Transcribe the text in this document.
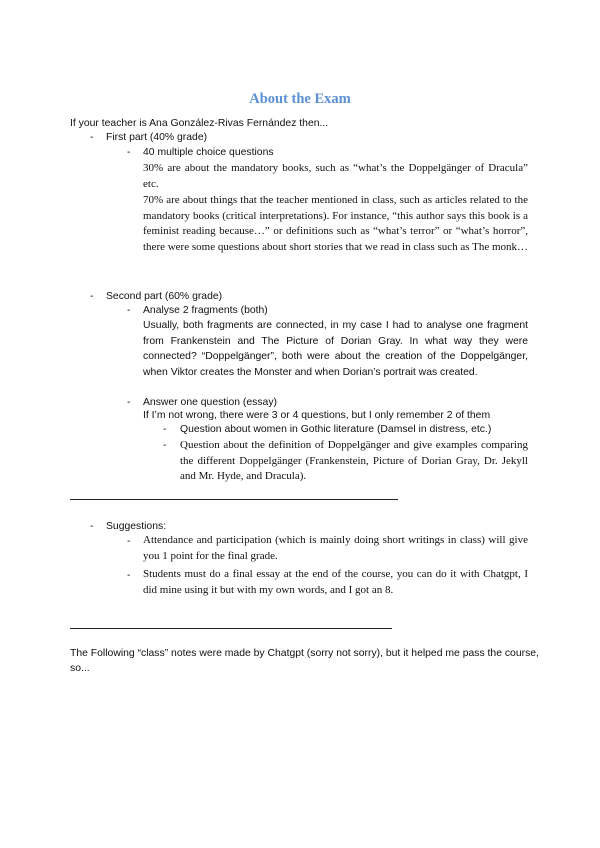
About the Exam
If your teacher is Ana González-Rivas Fernández then...
- First part (40% grade)
- 40 multiple choice questions
30% are about the mandatory books, such as “what’s the Doppelgänger of Dracula” etc.
70% are about things that the teacher mentioned in class, such as articles related to the mandatory books (critical interpretations). For instance, “this author says this book is a feminist reading because…” or definitions such as “what’s terror” or “what’s horror”, there were some questions about short stories that we read in class such as The monk…
- Second part (60% grade)
- Analyse 2 fragments (both)
Usually, both fragments are connected, in my case I had to analyse one fragment from Frankenstein and The Picture of Dorian Gray. In what way they were connected? “Doppelgänger”, both were about the creation of the Doppelgänger, when Viktor creates the Monster and when Dorian’s portrait was created.
- Answer one question (essay)
If I’m not wrong, there were 3 or 4 questions, but I only remember 2 of them
- Question about women in Gothic literature (Damsel in distress, etc.)
- Question about the definition of Doppelgänger and give examples comparing the different Doppelgänger (Frankenstein, Picture of Dorian Gray, Dr. Jekyll and Mr. Hyde, and Dracula).
- Suggestions:
- Attendance and participation (which is mainly doing short writings in class) will give you 1 point for the final grade.
- Students must do a final essay at the end of the course, you can do it with Chatgpt, I did mine using it but with my own words, and I got an 8.
The Following “class” notes were made by Chatgpt (sorry not sorry), but it helped me pass the course, so...
